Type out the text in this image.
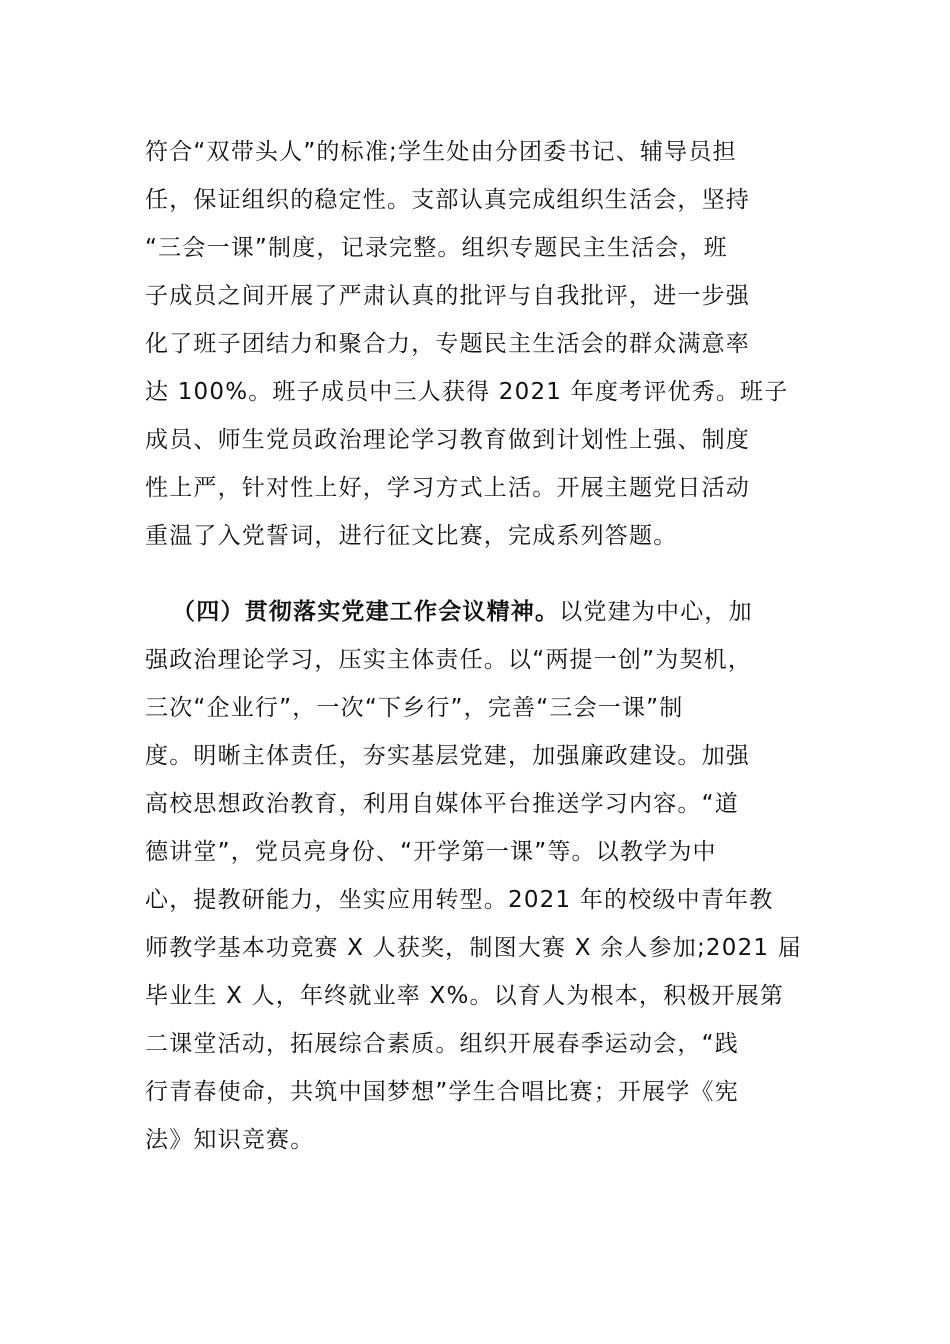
符合“双带头人”的标准;学生处由分团委书记、辅导员担
任，保证组织的稳定性。支部认真完成组织生活会，坚持
“三会一课”制度，记录完整。组织专题民主生活会，班
子成员之间开展了严肃认真的批评与自我批评，进一步强
化了班子团结力和聚合力，专题民主生活会的群众满意率
达 100%。班子成员中三人获得 2021 年度考评优秀。班子
成员、师生党员政治理论学习教育做到计划性上强、制度
性上严，针对性上好，学习方式上活。开展主题党日活动
重温了入党誓词，进行征文比赛，完成系列答题。
（四）贯彻落实党建工作会议精神。以党建为中心，加
强政治理论学习，压实主体责任。以“两提一创”为契机，
三次“企业行”，一次“下乡行”，完善“三会一课”制
度。明晰主体责任，夯实基层党建，加强廉政建设。加强
高校思想政治教育，利用自媒体平台推送学习内容。“道
德讲堂”，党员亮身份、“开学第一课”等。以教学为中
心，提教研能力，坐实应用转型。2021 年的校级中青年教
师教学基本功竞赛 X 人获奖，制图大赛 X 余人参加;2021 届
毕业生 X 人，年终就业率 X%。以育人为根本，积极开展第
二课堂活动，拓展综合素质。组织开展春季运动会，“践
行青春使命，共筑中国梦想”学生合唱比赛；开展学《宪
法》知识竞赛。
